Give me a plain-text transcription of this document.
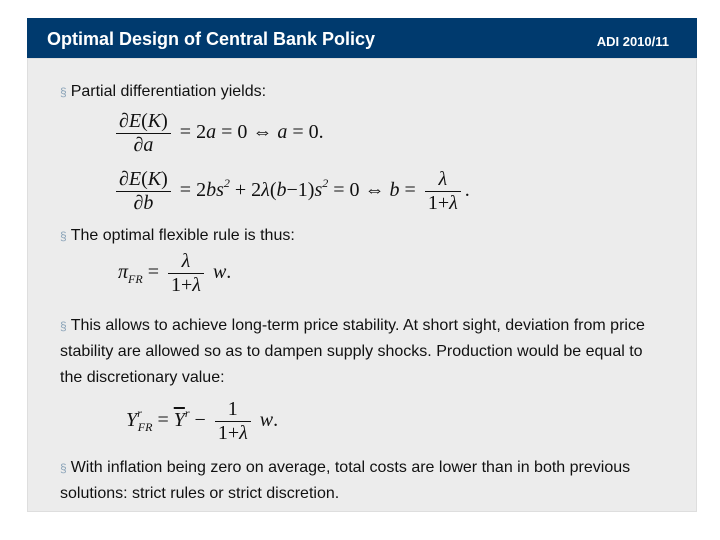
Optimal Design of Central Bank Policy	ADI 2010/11
§ Partial differentiation yields:
$\frac{\partial E(K)}{\partial a} = 2a = 0$ ⇔ a = 0.
$\frac{\partial E(K)}{\partial b} = 2bs^2 + 2\lambda(b-1)s^2 = 0$ ⇔ $b = \frac{\lambda}{1+\lambda}$ .
§ The optimal flexible rule is thus:
$\pi_{FR} = \frac{\lambda}{1+\lambda} w$.
§ This allows to achieve long-term price stability. At short sight, deviation from price stability are allowed so as to dampen supply shocks. Production would be equal to the discretionary value:
$Y^r_{FR} = \overline{Y}^r - \frac{1}{1+\lambda} w$.
§ With inflation being zero on average, total costs are lower than in both previous solutions: strict rules or strict discretion.
